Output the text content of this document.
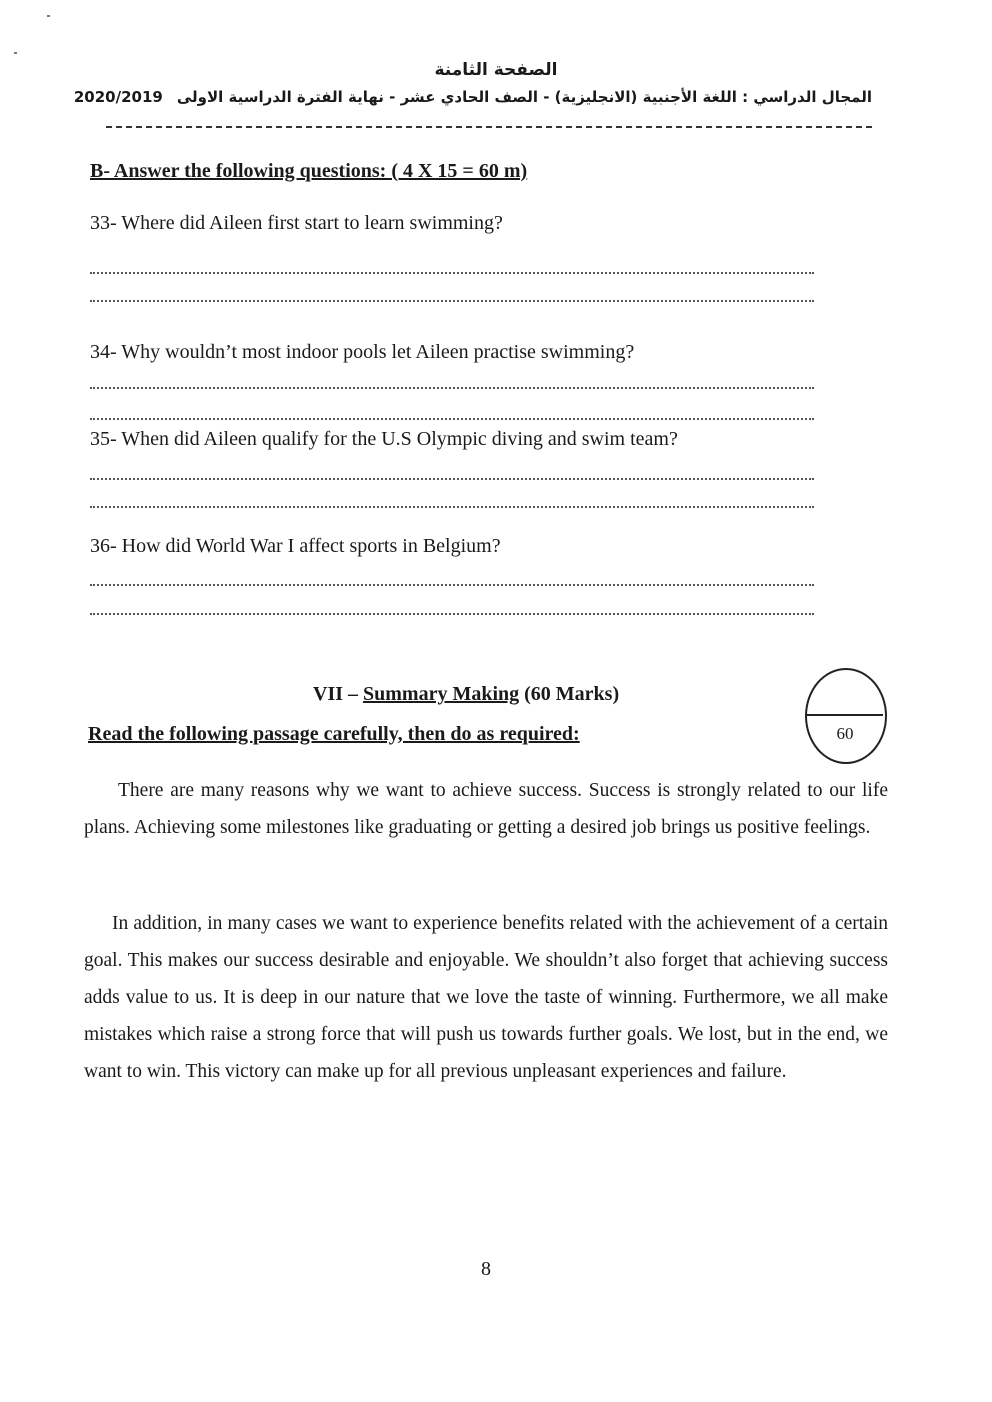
الصفحة الثامنة
المجال الدراسي : اللغة الأجنبية (الانجليزية) - الصف الحادي عشر - نهاية الفترة الدراسية الاولى2020/2019
B- Answer the following questions: ( 4 X 15 = 60 m)
33- Where did Aileen first start to learn swimming?
34- Why wouldn’t most indoor pools let Aileen practise swimming?
35- When did Aileen qualify for the U.S Olympic diving and swim team?
36- How did World War I affect sports in Belgium?
VII – Summary Making (60 Marks)
Read the following passage carefully, then do as required:	60

There are many reasons why we want to achieve success. Success is strongly related to our life plans. Achieving some milestones like graduating or getting a desired job brings us positive feelings.

In addition, in many cases we want to experience benefits related with the achievement of a certain goal. This makes our success desirable and enjoyable. We shouldn’t also forget that achieving success adds value to us. It is deep in our nature that we love the taste of winning. Furthermore, we all make mistakes which raise a strong force that will push us towards further goals. We lost, but in the end, we want to win. This victory can make up for all previous unpleasant experiences and failure.

8
